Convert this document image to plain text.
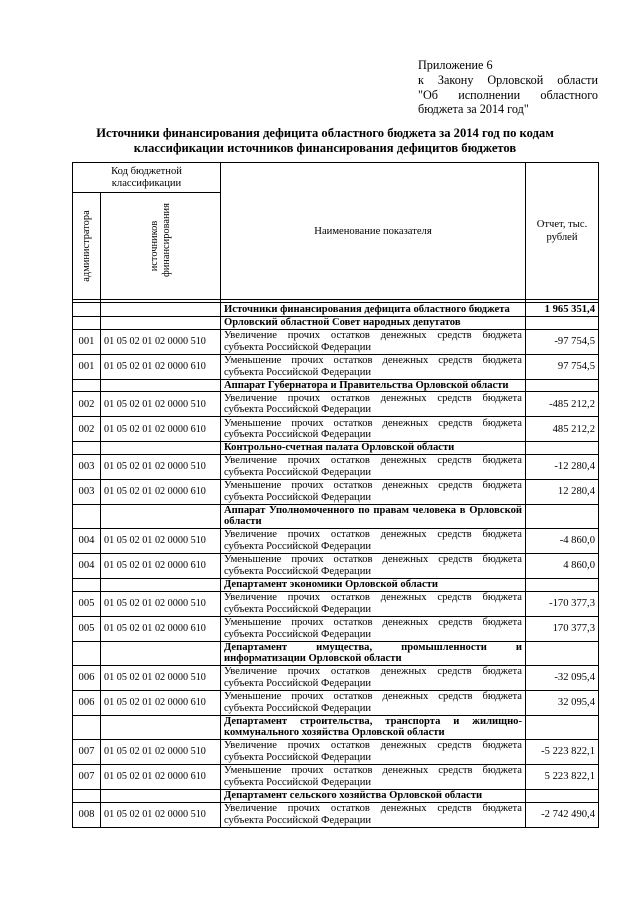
Приложение 6
к Закону Орловской области
"Об исполнении областного
бюджета за 2014 год"
Источники финансирования дефицита областного бюджета за 2014 год по кодам
классификации источников финансирования дефицитов бюджетов
Код бюджетной классификации		Наименование показателя	Отчет, тыс. рублей

администратора	источников финансирования		

		Источники финансирования дефицита областного бюджета	1 965 351,4
		Орловский областной Совет народных депутатов	
001	01 05 02 01 02 0000 510	Увеличение прочих остатков денежных средств бюджета субъекта Российской Федерации	-97 754,5
001	01 05 02 01 02 0000 610	Уменьшение прочих остатков денежных средств бюджета субъекта Российской Федерации	97 754,5
		Аппарат Губернатора и Правительства Орловской области	
002	01 05 02 01 02 0000 510	Увеличение прочих остатков денежных средств бюджета субъекта Российской Федерации	-485 212,2
002	01 05 02 01 02 0000 610	Уменьшение прочих остатков денежных средств бюджета субъекта Российской Федерации	485 212,2
		Контрольно-счетная палата Орловской области	
003	01 05 02 01 02 0000 510	Увеличение прочих остатков денежных средств бюджета субъекта Российской Федерации	-12 280,4
003	01 05 02 01 02 0000 610	Уменьшение прочих остатков денежных средств бюджета субъекта Российской Федерации	12 280,4
		Аппарат Уполномоченного по правам человека в Орловской области	
004	01 05 02 01 02 0000 510	Увеличение прочих остатков денежных средств бюджета субъекта Российской Федерации	-4 860,0
004	01 05 02 01 02 0000 610	Уменьшение прочих остатков денежных средств бюджета субъекта Российской Федерации	4 860,0
		Департамент экономики Орловской области	
005	01 05 02 01 02 0000 510	Увеличение прочих остатков денежных средств бюджета субъекта Российской Федерации	-170 377,3
005	01 05 02 01 02 0000 610	Уменьшение прочих остатков денежных средств бюджета субъекта Российской Федерации	170 377,3
		Департамент имущества, промышленности и информатизации Орловской области	
006	01 05 02 01 02 0000 510	Увеличение прочих остатков денежных средств бюджета субъекта Российской Федерации	-32 095,4
006	01 05 02 01 02 0000 610	Уменьшение прочих остатков денежных средств бюджета субъекта Российской Федерации	32 095,4
		Департамент строительства, транспорта и жилищно-коммунального хозяйства Орловской области	
007	01 05 02 01 02 0000 510	Увеличение прочих остатков денежных средств бюджета субъекта Российской Федерации	-5 223 822,1
007	01 05 02 01 02 0000 610	Уменьшение прочих остатков денежных средств бюджета субъекта Российской Федерации	5 223 822,1
		Департамент сельского хозяйства Орловской области	
008	01 05 02 01 02 0000 510	Увеличение прочих остатков денежных средств бюджета субъекта Российской Федерации	-2 742 490,4
